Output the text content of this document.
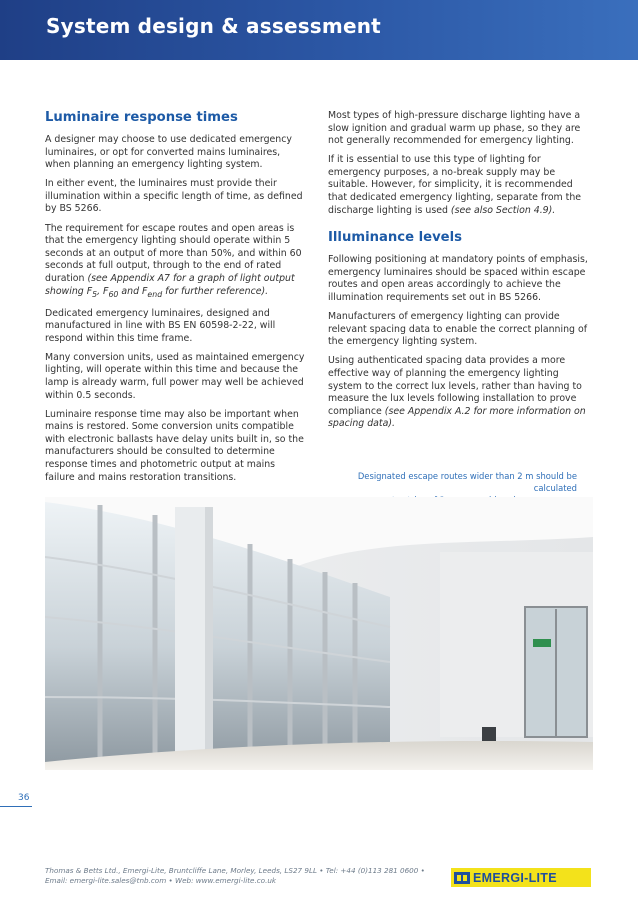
System design & assessment
Luminaire response times

A designer may choose to use dedicated emergency luminaires, or opt for converted mains luminaires, when planning an emergency lighting system.

In either event, the luminaires must provide their illumination within a specific length of time, as defined by BS 5266.

The requirement for escape routes and open areas is that the emergency lighting should operate within 5 seconds at an output of more than 50%, and within 60 seconds at full output, through to the end of rated duration (see Appendix A7 for a graph of light output showing $F_5$, $F_{60}$ and $F_{end}$ for further reference).

Dedicated emergency luminaires, designed and manufactured in line with BS EN 60598-2-22, will respond within this time frame.

Many conversion units, used as maintained emergency lighting, will operate within this time and because the lamp is already warm, full power may well be achieved within 0.5 seconds.

Luminaire response time may also be important when mains is restored. Some conversion units compatible with electronic ballasts have delay units built in, so the manufacturers should be consulted to determine response times and photometric output at mains failure and mains restoration transitions.

Most types of high-pressure discharge lighting have a slow ignition and gradual warm up phase, so they are not generally recommended for emergency lighting.

If it is essential to use this type of lighting for emergency purposes, a no-break supply may be suitable. However, for simplicity, it is recommended that dedicated emergency lighting, separate from the discharge lighting is used (see also Section 4.9).

Illuminance levels

Following positioning at mandatory points of emphasis, emergency luminaires should be spaced within escape routes and open areas accordingly to achieve the illumination requirements set out in BS 5266.

Manufacturers of emergency lighting can provide relevant spacing data to enable the correct planning of the emergency lighting system.

Using authenticated spacing data provides a more effective way of planning the emergency lighting system to the correct lux levels, rather than having to measure the lux levels following installation to prove compliance (see Appendix A.2 for more information on spacing data).

Designated escape routes wider than 2 m should be calculated
36
Thomas & Betts Ltd., Emergi-Lite, Bruntcliffe Lane, Morley, Leeds, LS27 9LL • Tel: +44 (0)113 281 0600 •
Email: emergi-lite.sales@tnb.com • Web: www.emergi-lite.co.uk	EMERGI-LITE
